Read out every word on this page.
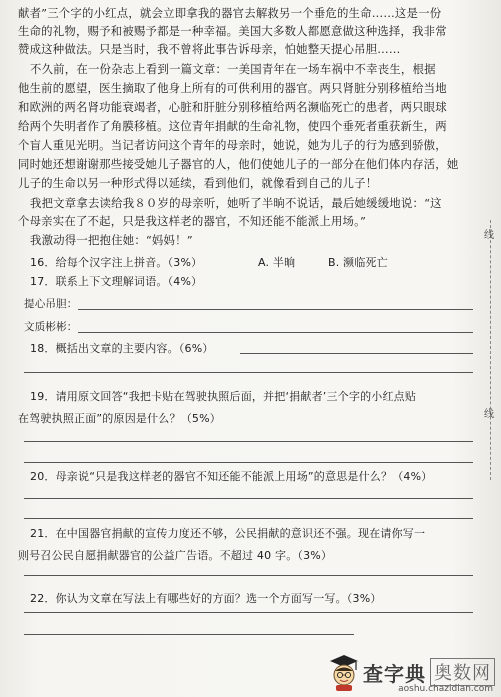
献者”三个字的小红点，就会立即拿我的器官去解救另一个垂危的生命……这是一份
生命的礼物，赐予和被赐予都是一种幸福。美国大多数人都愿意做这种选择，我非常
赞成这种做法。只是当时，我不曾将此事告诉母亲，怕她整天提心吊胆……
不久前，在一份杂志上看到一篇文章：一美国青年在一场车祸中不幸丧生，根据
他生前的愿望，医生摘取了他身上所有的可供利用的器官。两只肾脏分别移植给当地
和欧洲的两名肾功能衰竭者，心脏和肝脏分别移植给两名濒临死亡的患者，两只眼球
给两个失明者作了角膜移植。这位青年捐献的生命礼物，使四个垂死者重获新生，两
个盲人重见光明。当记者访问这个青年的母亲时，她说，她为儿子的行为感到骄傲，
同时她还想谢谢那些接受她儿子器官的人，他们使她儿子的一部分在他们体内存活，她
儿子的生命以另一种形式得以延续，看到他们，就像看到自己的儿子！
我把文章拿去读给我８０岁的母亲听，她听了半晌不说话，最后她缓缓地说：“这
个母亲实在了不起，只是我这样老的器官，不知还能不能派上用场。”
我激动得一把抱住她：“妈妈！”
16．给每个汉字注上拼音。（3%）	A. 半晌	B. 濒临死亡
17．联系上下文理解词语。（4%）
提心吊胆：
文质彬彬：
18．概括出文章的主要内容。（6%）
19．请用原文回答“我把卡贴在驾驶执照后面，并把‘捐献者’三个字的小红点贴
在驾驶执照正面”的原因是什么？（5%）
20．母亲说“只是我这样老的器官不知还能不能派上用场”的意思是什么？（4%）
21．在中国器官捐献的宣传力度还不够，公民捐献的意识还不强。现在请你写一
则号召公民自愿捐献器官的公益广告语。不超过 40 字。（3%）
22．你认为文章在写法上有哪些好的方面？选一个方面写一写。（3%）
线
线
查字典 奥数网
aoshu.chazidian.com
